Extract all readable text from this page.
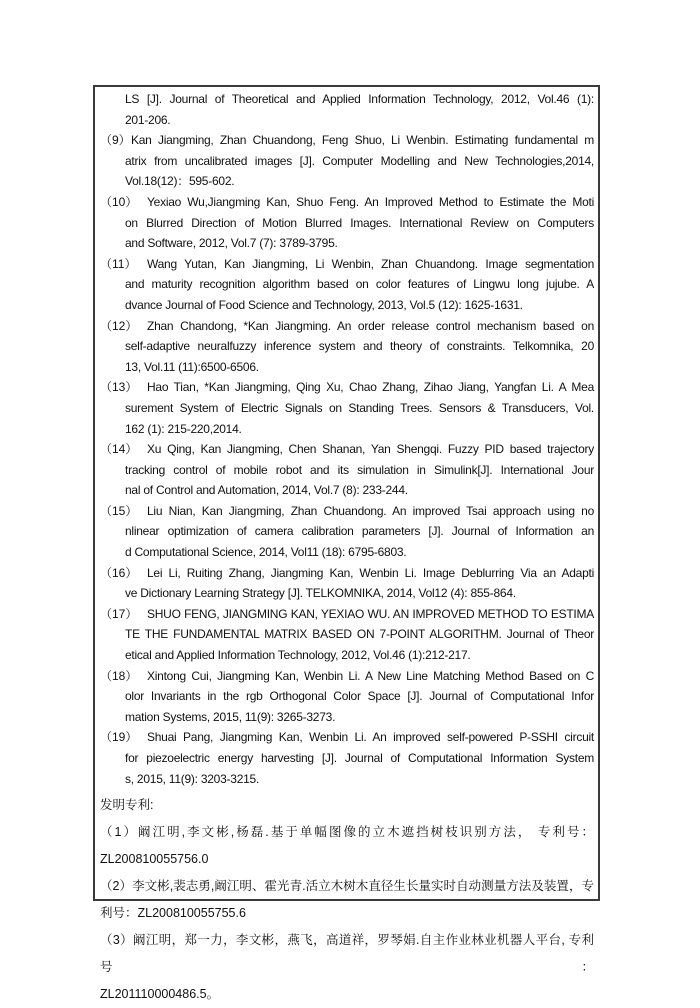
LS [J]. Journal of Theoretical and Applied Information Technology, 2012, Vol.46 (1):
201-206.
（9） Kan Jiangming, Zhan Chuandong, Feng Shuo, Li Wenbin. Estimating fundamental m
atrix from uncalibrated images [J]. Computer Modelling and New Technologies,2014,
Vol.18(12)：595-602.
（10） Yexiao Wu,Jiangming Kan, Shuo Feng. An Improved Method to Estimate the Moti
on Blurred Direction of Motion Blurred Images. International Review on Computers
and Software, 2012, Vol.7 (7): 3789-3795.
（11） Wang Yutan, Kan Jiangming, Li Wenbin, Zhan Chuandong. Image segmentation
and maturity recognition algorithm based on color features of Lingwu long jujube. A
dvance Journal of Food Science and Technology, 2013, Vol.5 (12): 1625-1631.
（12） Zhan Chandong, *Kan Jiangming. An order release control mechanism based on
self-adaptive neuralfuzzy inference system and theory of constraints. Telkomnika, 20
13, Vol.11 (11):6500-6506.
（13） Hao Tian, *Kan Jiangming, Qing Xu, Chao Zhang, Zihao Jiang, Yangfan Li. A Mea
surement System of Electric Signals on Standing Trees. Sensors & Transducers, Vol.
162 (1): 215-220,2014.
（14） Xu Qing, Kan Jiangming, Chen Shanan, Yan Shengqi. Fuzzy PID based trajectory
tracking control of mobile robot and its simulation in Simulink[J]. International Jour
nal of Control and Automation, 2014, Vol.7 (8): 233-244.
（15） Liu Nian, Kan Jiangming, Zhan Chuandong. An improved Tsai approach using no
nlinear optimization of camera calibration parameters [J]. Journal of Information an
d Computational Science, 2014, Vol11 (18): 6795-6803.
（16） Lei Li, Ruiting Zhang, Jiangming Kan, Wenbin Li. Image Deblurring Via an Adapti
ve Dictionary Learning Strategy [J]. TELKOMNIKA, 2014, Vol12 (4): 855-864.
（17） SHUO FENG, JIANGMING KAN, YEXIAO WU. AN IMPROVED METHOD TO ESTIMA
TE THE FUNDAMENTAL MATRIX BASED ON 7-POINT ALGORITHM. Journal of Theor
etical and Applied Information Technology, 2012, Vol.46 (1):212-217.
（18） Xintong Cui, Jiangming Kan, Wenbin Li. A New Line Matching Method Based on C
olor Invariants in the rgb Orthogonal Color Space [J]. Journal of Computational Infor
mation Systems, 2015, 11(9): 3265-3273.
（19） Shuai Pang, Jiangming Kan, Wenbin Li. An improved self-powered P-SSHI circuit
for piezoelectric energy harvesting [J]. Journal of Computational Information System
s, 2015, 11(9): 3203-3215.
发明专利:
（1）阚江明,李文彬,杨磊.基于单幅图像的立木遮挡树枝识别方法， 专利号：
ZL200810055756.0
（2）李文彬,裴志勇,阚江明、霍光青.活立木树木直径生长量实时自动测量方法及装置，专
利号：ZL200810055755.6
（3）阚江明，郑一力，李文彬，燕飞，高道祥，罗琴娟.自主作业林业机器人平台, 专利号：
ZL201110000486.5。
